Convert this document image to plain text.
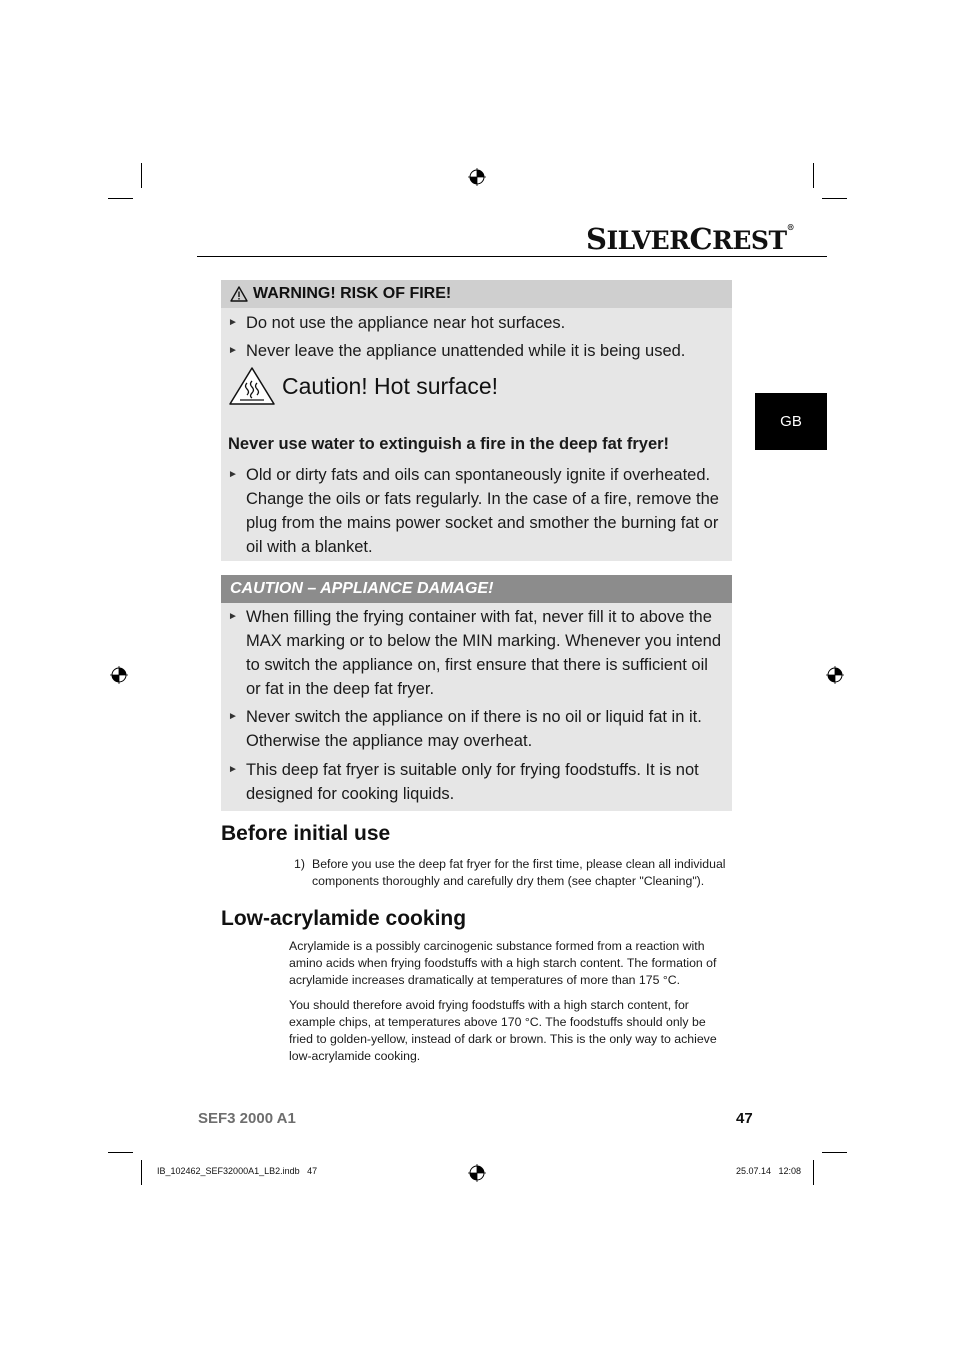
SILVERCREST®
GB
WARNING! RISK OF FIRE!
► Do not use the appliance near hot surfaces.
► Never leave the appliance unattended while it is being used.
Caution! Hot surface!
Never use water to extinguish a fire in the deep fat fryer!
► Old or dirty fats and oils can spontaneously ignite if overheated. Change the oils or fats regularly. In the case of a fire, remove the plug from the mains power socket and smother the burning fat or oil with a blanket.
CAUTION – APPLIANCE DAMAGE!
► When filling the frying container with fat, never fill it to above the MAX marking or to below the MIN marking. Whenever you intend to switch the appliance on, first ensure that there is sufficient oil or fat in the deep fat fryer.
► Never switch the appliance on if there is no oil or liquid fat in it. Otherwise the appliance may overheat.
► This deep fat fryer is suitable only for frying foodstuffs. It is not designed for cooking liquids.
Before initial use
1) Before you use the deep fat fryer for the first time, please clean all individual components thoroughly and carefully dry them (see chapter "Cleaning").
Low-acrylamide cooking

Acrylamide is a possibly carcinogenic substance formed from a reaction with amino acids when frying foodstuffs with a high starch content. The formation of acrylamide increases dramatically at temperatures of more than 175 °C.

You should therefore avoid frying foodstuffs with a high starch content, for example chips, at temperatures above 170 °C. The foodstuffs should only be fried to golden-yellow, instead of dark or brown. This is the only way to achieve low-acrylamide cooking.

SEF3 2000 A1	47
IB_102462_SEF32000A1_LB2.indb   47	25.07.14   12:08
